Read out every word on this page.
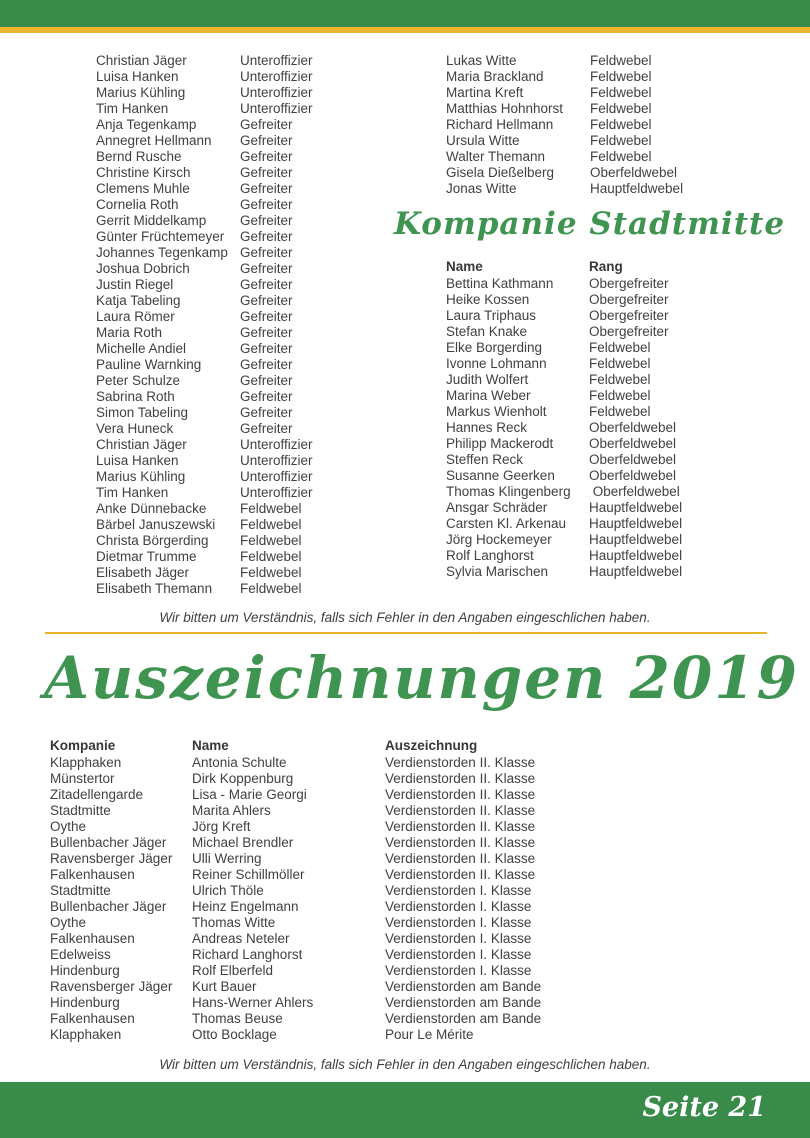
Christian Jäger	Unteroffizier
Luisa Hanken	Unteroffizier
Marius Kühling	Unteroffizier
Tim Hanken	Unteroffizier
Anja Tegenkamp	Gefreiter
Annegret Hellmann	Gefreiter
Bernd Rusche	Gefreiter
Christine Kirsch	Gefreiter
Clemens Muhle	Gefreiter
Cornelia Roth	Gefreiter
Gerrit Middelkamp	Gefreiter
Günter Früchtemeyer	Gefreiter
Johannes Tegenkamp Gefreiter
Joshua Dobrich	Gefreiter
Justin Riegel	Gefreiter
Katja Tabeling	Gefreiter
Laura Römer	Gefreiter
Maria Roth	Gefreiter
Michelle Andiel	Gefreiter
Pauline Warnking	Gefreiter
Peter Schulze	Gefreiter
Sabrina Roth	Gefreiter
Simon Tabeling	Gefreiter
Vera Huneck	Gefreiter
Christian Jäger	Unteroffizier
Luisa Hanken	Unteroffizier
Marius Kühling	Unteroffizier
Tim Hanken	Unteroffizier
Anke Dünnebacke	Feldwebel
Bärbel Januszewski	Feldwebel
Christa Börgerding	Feldwebel
Dietmar Trumme	Feldwebel
Elisabeth Jäger	Feldwebel
Elisabeth Themann	Feldwebel
Lukas Witte	Feldwebel
Maria Brackland	Feldwebel
Martina Kreft	Feldwebel
Matthias Hohnhorst	Feldwebel
Richard Hellmann	Feldwebel
Ursula Witte	Feldwebel
Walter Themann	Feldwebel
Gisela Dießelberg	Oberfeldwebel
Jonas Witte	Hauptfeldwebel
Kompanie Stadtmitte
Name	Rang
Bettina Kathmann	Obergefreiter
Heike Kossen	Obergefreiter
Laura Triphaus	Obergefreiter
Stefan Knake	Obergefreiter
Elke Borgerding	Feldwebel
Ivonne Lohmann	Feldwebel
Judith Wolfert	Feldwebel
Marina Weber	Feldwebel
Markus Wienholt	Feldwebel
Hannes Reck	Oberfeldwebel
Philipp Mackerodt	Oberfeldwebel
Steffen Reck	Oberfeldwebel
Susanne Geerken	Oberfeldwebel
Thomas Klingenberg	Oberfeldwebel
Ansgar Schräder	Hauptfeldwebel
Carsten Kl. Arkenau	Hauptfeldwebel
Jörg Hockemeyer	Hauptfeldwebel
Rolf Langhorst	Hauptfeldwebel
Sylvia Marischen	Hauptfeldwebel

Wir bitten um Verständnis, falls sich Fehler in den Angaben eingeschlichen haben.

Auszeichnungen 2019
Kompanie	Name	Auszeichnung
Klapphaken	Antonia Schulte	Verdienstorden II. Klasse
Münstertor	Dirk Koppenburg	Verdienstorden II. Klasse
Zitadellengarde	Lisa - Marie Georgi	Verdienstorden II. Klasse
Stadtmitte	Marita Ahlers	Verdienstorden II. Klasse
Oythe	Jörg Kreft	Verdienstorden II. Klasse
Bullenbacher Jäger	Michael Brendler	Verdienstorden II. Klasse
Ravensberger Jäger	Ulli Werring	Verdienstorden II. Klasse
Falkenhausen	Reiner Schillmöller	Verdienstorden II. Klasse
Stadtmitte	Ulrich Thöle	Verdienstorden I. Klasse
Bullenbacher Jäger	Heinz Engelmann	Verdienstorden I. Klasse
Oythe	Thomas Witte	Verdienstorden I. Klasse
Falkenhausen	Andreas Neteler	Verdienstorden I. Klasse
Edelweiss	Richard Langhorst	Verdienstorden I. Klasse
Hindenburg	Rolf Elberfeld	Verdienstorden I. Klasse
Ravensberger Jäger	Kurt Bauer	Verdienstorden am Bande
Hindenburg	Hans-Werner Ahlers	Verdienstorden am Bande
Falkenhausen	Thomas Beuse	Verdienstorden am Bande
Klapphaken	Otto Bocklage	Pour Le Mérite

Wir bitten um Verständnis, falls sich Fehler in den Angaben eingeschlichen haben.

Seite 21
